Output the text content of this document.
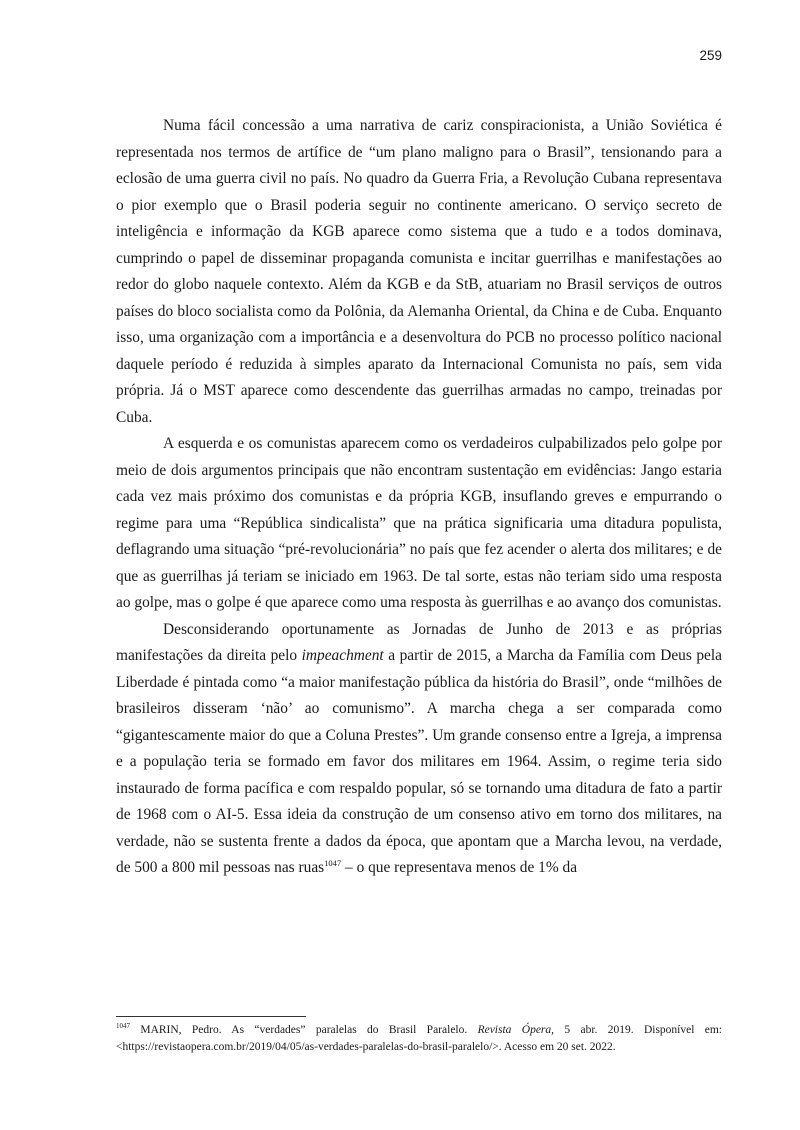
259

Numa fácil concessão a uma narrativa de cariz conspiracionista, a União Soviética é representada nos termos de artífice de “um plano maligno para o Brasil”, tensionando para a eclosão de uma guerra civil no país. No quadro da Guerra Fria, a Revolução Cubana representava o pior exemplo que o Brasil poderia seguir no continente americano. O serviço secreto de inteligência e informação da KGB aparece como sistema que a tudo e a todos dominava, cumprindo o papel de disseminar propaganda comunista e incitar guerrilhas e manifestações ao redor do globo naquele contexto. Além da KGB e da StB, atuariam no Brasil serviços de outros países do bloco socialista como da Polônia, da Alemanha Oriental, da China e de Cuba. Enquanto isso, uma organização com a importância e a desenvoltura do PCB no processo político nacional daquele período é reduzida à simples aparato da Internacional Comunista no país, sem vida própria. Já o MST aparece como descendente das guerrilhas armadas no campo, treinadas por Cuba.

A esquerda e os comunistas aparecem como os verdadeiros culpabilizados pelo golpe por meio de dois argumentos principais que não encontram sustentação em evidências: Jango estaria cada vez mais próximo dos comunistas e da própria KGB, insuflando greves e empurrando o regime para uma “República sindicalista” que na prática significaria uma ditadura populista, deflagrando uma situação “pré-revolucionária” no país que fez acender o alerta dos militares; e de que as guerrilhas já teriam se iniciado em 1963. De tal sorte, estas não teriam sido uma resposta ao golpe, mas o golpe é que aparece como uma resposta às guerrilhas e ao avanço dos comunistas.

Desconsiderando oportunamente as Jornadas de Junho de 2013 e as próprias manifestações da direita pelo impeachment a partir de 2015, a Marcha da Família com Deus pela Liberdade é pintada como “a maior manifestação pública da história do Brasil”, onde “milhões de brasileiros disseram ‘não’ ao comunismo”. A marcha chega a ser comparada como “gigantescamente maior do que a Coluna Prestes”. Um grande consenso entre a Igreja, a imprensa e a população teria se formado em favor dos militares em 1964. Assim, o regime teria sido instaurado de forma pacífica e com respaldo popular, só se tornando uma ditadura de fato a partir de 1968 com o AI-5. Essa ideia da construção de um consenso ativo em torno dos militares, na verdade, não se sustenta frente a dados da época, que apontam que a Marcha levou, na verdade, de 500 a 800 mil pessoas nas ruas$^{1047}$ – o que representava menos de 1% da

$^{1047}$ MARIN, Pedro. As “verdades” paralelas do Brasil Paralelo. Revista Ópera, 5 abr. 2019. Disponível em: <https://revistaopera.com.br/2019/04/05/as-verdades-paralelas-do-brasil-paralelo/>. Acesso em 20 set. 2022.
